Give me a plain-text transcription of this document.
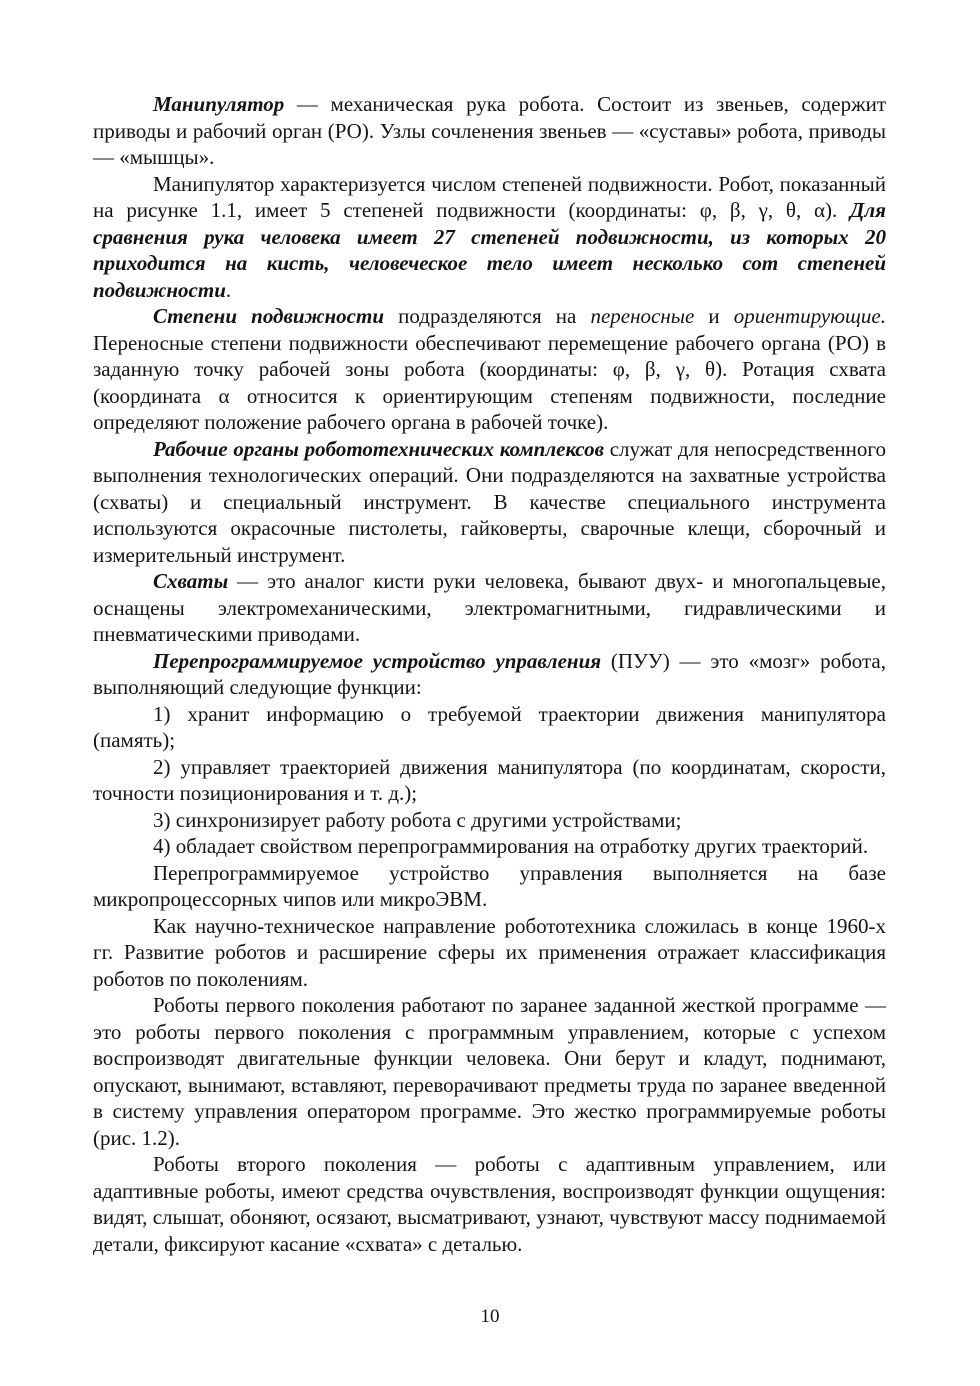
Манипулятор — механическая рука робота. Состоит из звеньев, содержит приводы и рабочий орган (РО). Узлы сочленения звеньев — «суставы» робота, приводы — «мышцы».

Манипулятор характеризуется числом степеней подвижности. Робот, показанный на рисунке 1.1, имеет 5 степеней подвижности (координаты: φ, β, γ, θ, α). Для сравнения рука человека имеет 27 степеней подвижности, из которых 20 приходится на кисть, человеческое тело имеет несколько сот степеней подвижности.

Степени подвижности подразделяются на переносные и ориентирующие. Переносные степени подвижности обеспечивают перемещение рабочего органа (РО) в заданную точку рабочей зоны робота (координаты: φ, β, γ, θ). Ротация схвата (координата α относится к ориентирующим степеням подвижности, последние определяют положение рабочего органа в рабочей точке).

Рабочие органы робототехнических комплексов служат для непосредственного выполнения технологических операций. Они подразделяются на захватные устройства (схваты) и специальный инструмент. В качестве специального инструмента используются окрасочные пистолеты, гайковерты, сварочные клещи, сборочный и измерительный инструмент.

Схваты — это аналог кисти руки человека, бывают двух- и многопальцевые, оснащены электромеханическими, электромагнитными, гидравлическими и пневматическими приводами.

Перепрограммируемое устройство управления (ПУУ) — это «мозг» робота, выполняющий следующие функции:

1) хранит информацию о требуемой траектории движения манипулятора (память);

2) управляет траекторией движения манипулятора (по координатам, скорости, точности позиционирования и т. д.);

3) синхронизирует работу робота с другими устройствами;

4) обладает свойством перепрограммирования на отработку других траекторий.

Перепрограммируемое устройство управления выполняется на базе микропроцессорных чипов или микроЭВМ.

Как научно-техническое направление робототехника сложилась в конце 1960-х гг. Развитие роботов и расширение сферы их применения отражает классификация роботов по поколениям.

Роботы первого поколения работают по заранее заданной жесткой программе — это роботы первого поколения с программным управлением, которые с успехом воспроизводят двигательные функции человека. Они берут и кладут, поднимают, опускают, вынимают, вставляют, переворачивают предметы труда по заранее введенной в систему управления оператором программе. Это жестко программируемые роботы (рис. 1.2).

Роботы второго поколения — роботы с адаптивным управлением, или адаптивные роботы, имеют средства очувствления, воспроизводят функции ощущения: видят, слышат, обоняют, осязают, высматривают, узнают, чувствуют массу поднимаемой детали, фиксируют касание «схвата» с деталью.

10
